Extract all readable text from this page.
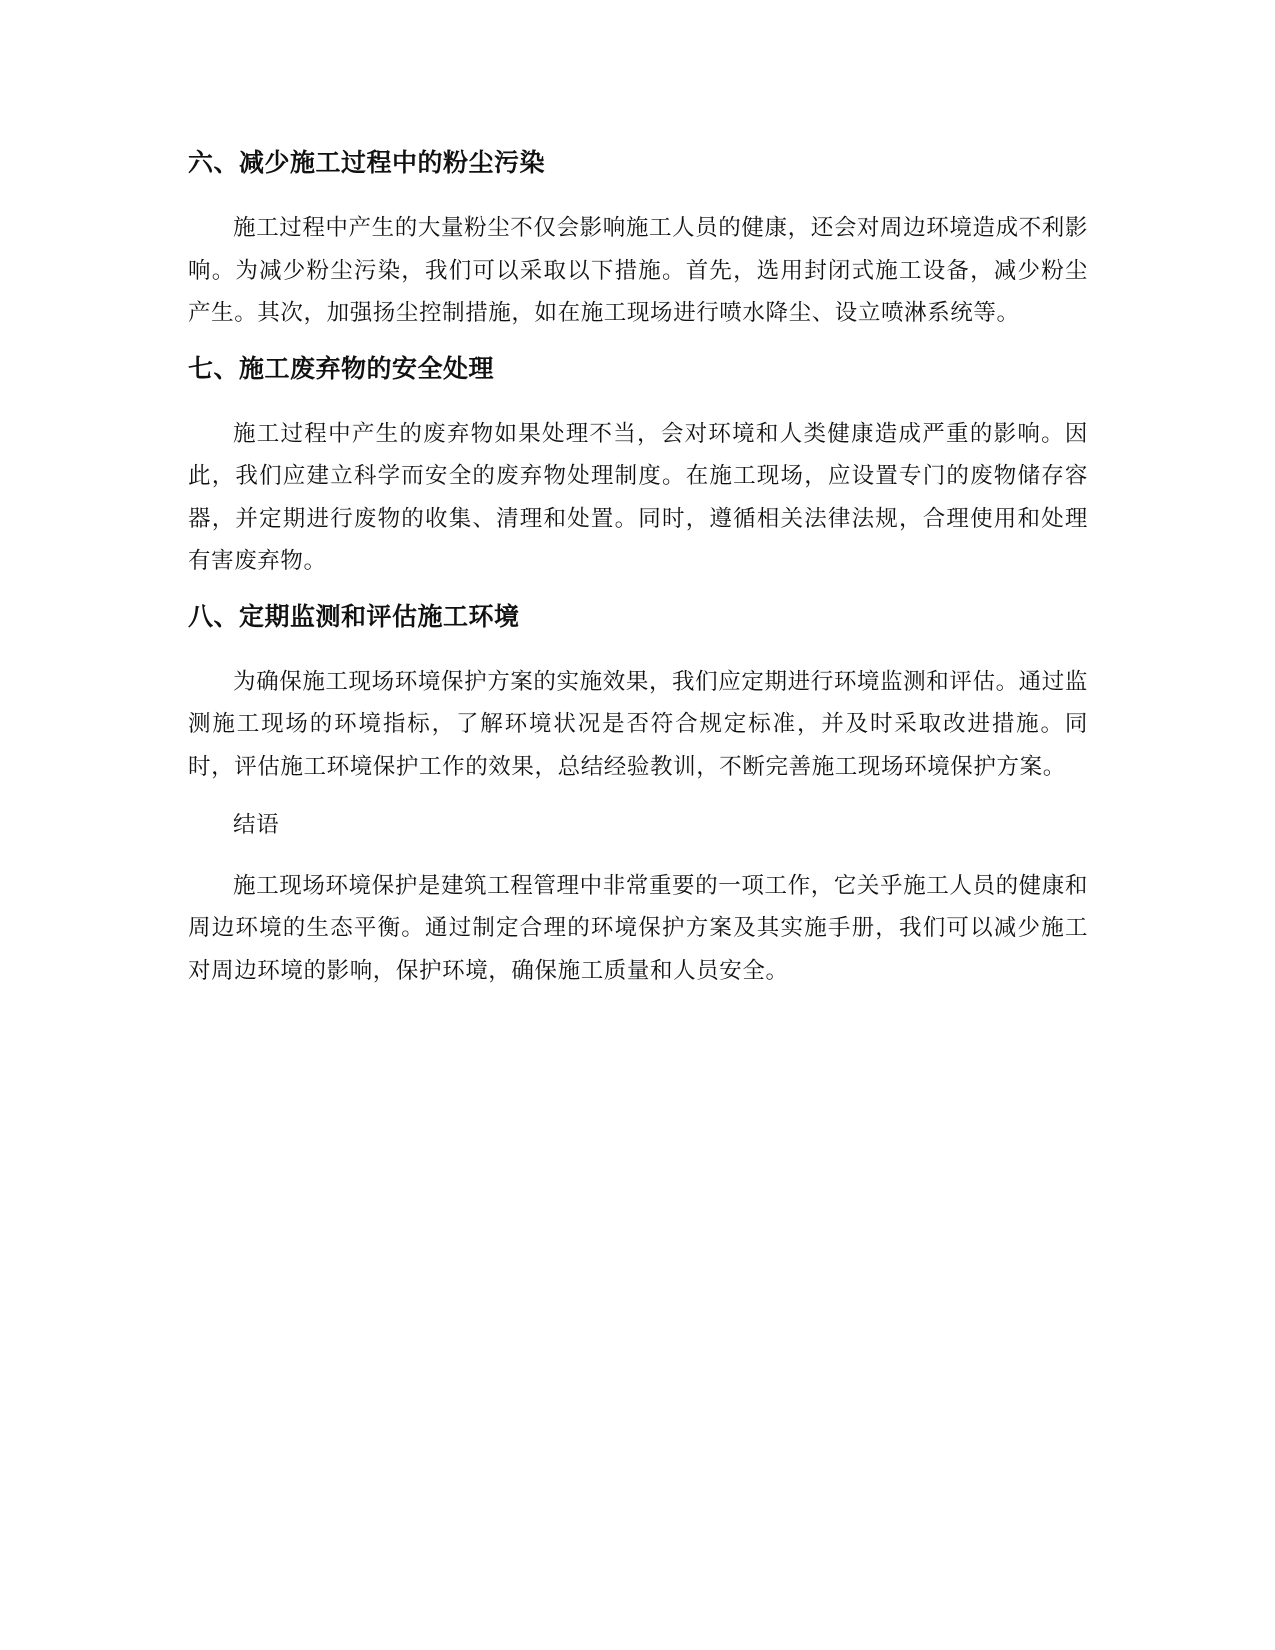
六、减少施工过程中的粉尘污染

施工过程中产生的大量粉尘不仅会影响施工人员的健康，还会对周边环境造成不利影响。为减少粉尘污染，我们可以采取以下措施。首先，选用封闭式施工设备，减少粉尘产生。其次，加强扬尘控制措施，如在施工现场进行喷水降尘、设立喷淋系统等。

七、施工废弃物的安全处理

施工过程中产生的废弃物如果处理不当，会对环境和人类健康造成严重的影响。因此，我们应建立科学而安全的废弃物处理制度。在施工现场，应设置专门的废物储存容器，并定期进行废物的收集、清理和处置。同时，遵循相关法律法规，合理使用和处理有害废弃物。

八、定期监测和评估施工环境

为确保施工现场环境保护方案的实施效果，我们应定期进行环境监测和评估。通过监测施工现场的环境指标，了解环境状况是否符合规定标准，并及时采取改进措施。同时，评估施工环境保护工作的效果，总结经验教训，不断完善施工现场环境保护方案。

结语

施工现场环境保护是建筑工程管理中非常重要的一项工作，它关乎施工人员的健康和周边环境的生态平衡。通过制定合理的环境保护方案及其实施手册，我们可以减少施工对周边环境的影响，保护环境，确保施工质量和人员安全。
